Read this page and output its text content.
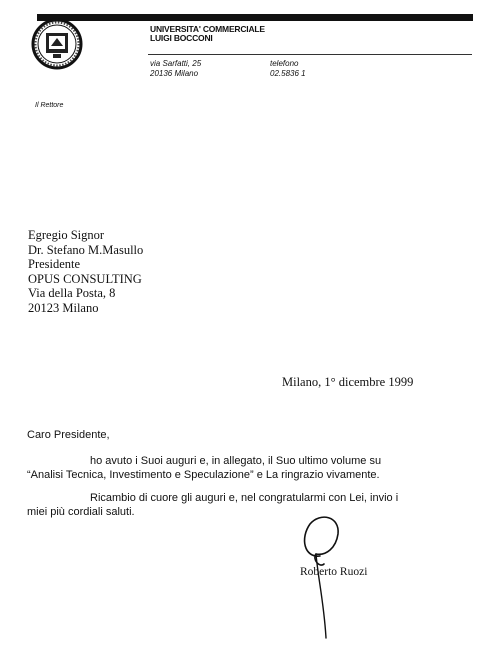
UNIVERSITA' COMMERCIALE
LUIGI BOCCONI
via Sarfatti, 25
20136 Milano
telefono
02.5836 1
Il Rettore
Egregio Signor
Dr. Stefano M.Masullo
Presidente
OPUS CONSULTING
Via della Posta, 8
20123 Milano
Milano, 1° dicembre 1999
Caro Presidente,
ho avuto i Suoi auguri e, in allegato, il Suo ultimo volume su
“Analisi Tecnica, Investimento e Speculazione” e La ringrazio vivamente.
Ricambio di cuore gli auguri e, nel congratularmi con Lei, invio i
miei più cordiali saluti.
Roberto Ruozi
